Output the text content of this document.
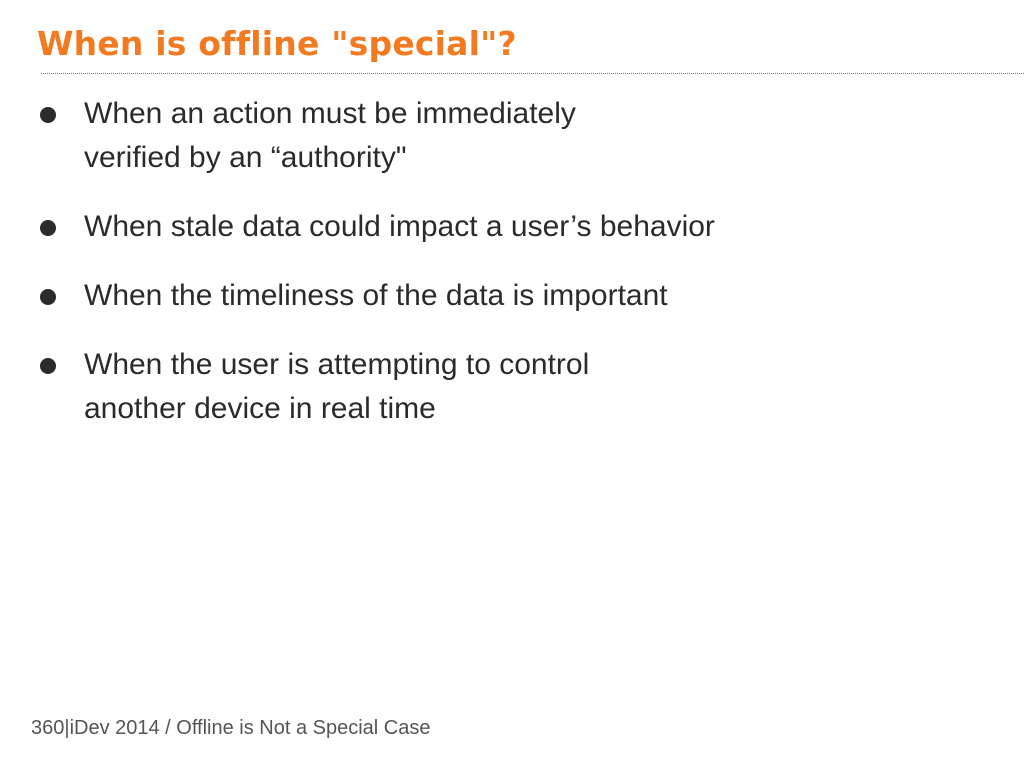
When is offline "special"?
When an action must be immediately
verified by an “authority"
When stale data could impact a user’s behavior
When the timeliness of the data is important
When the user is attempting to control
another device in real time
360|iDev 2014 / Offline is Not a Special Case
